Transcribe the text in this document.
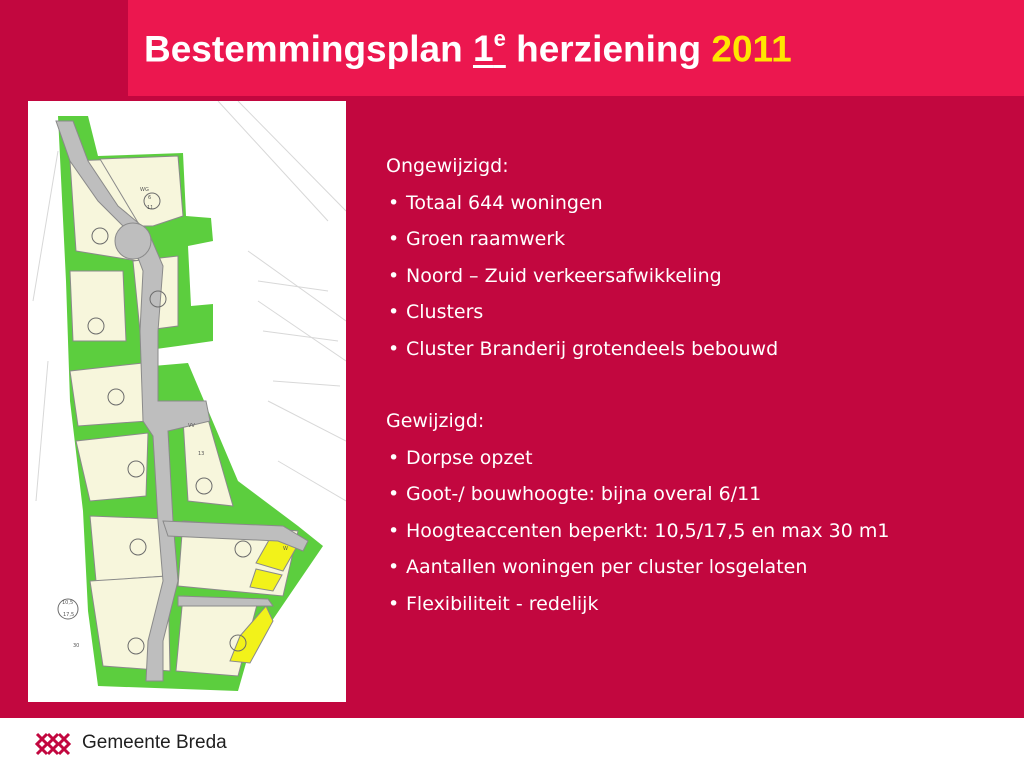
Bestemmingsplan 1e herziening 2011
WG
6
11
VV
13
W
10,5
17,5
30

Ongewijzigd:

• Totaal 644 woningen

• Groen raamwerk

• Noord – Zuid verkeersafwikkeling

• Clusters

• Cluster Branderij grotendeels bebouwd

Gewijzigd:

• Dorpse opzet

• Goot-/ bouwhoogte: bijna overal 6/11

• Hoogteaccenten beperkt: 10,5/17,5 en max 30 m1

• Aantallen woningen per cluster losgelaten

• Flexibiliteit - redelijk

Gemeente Breda
